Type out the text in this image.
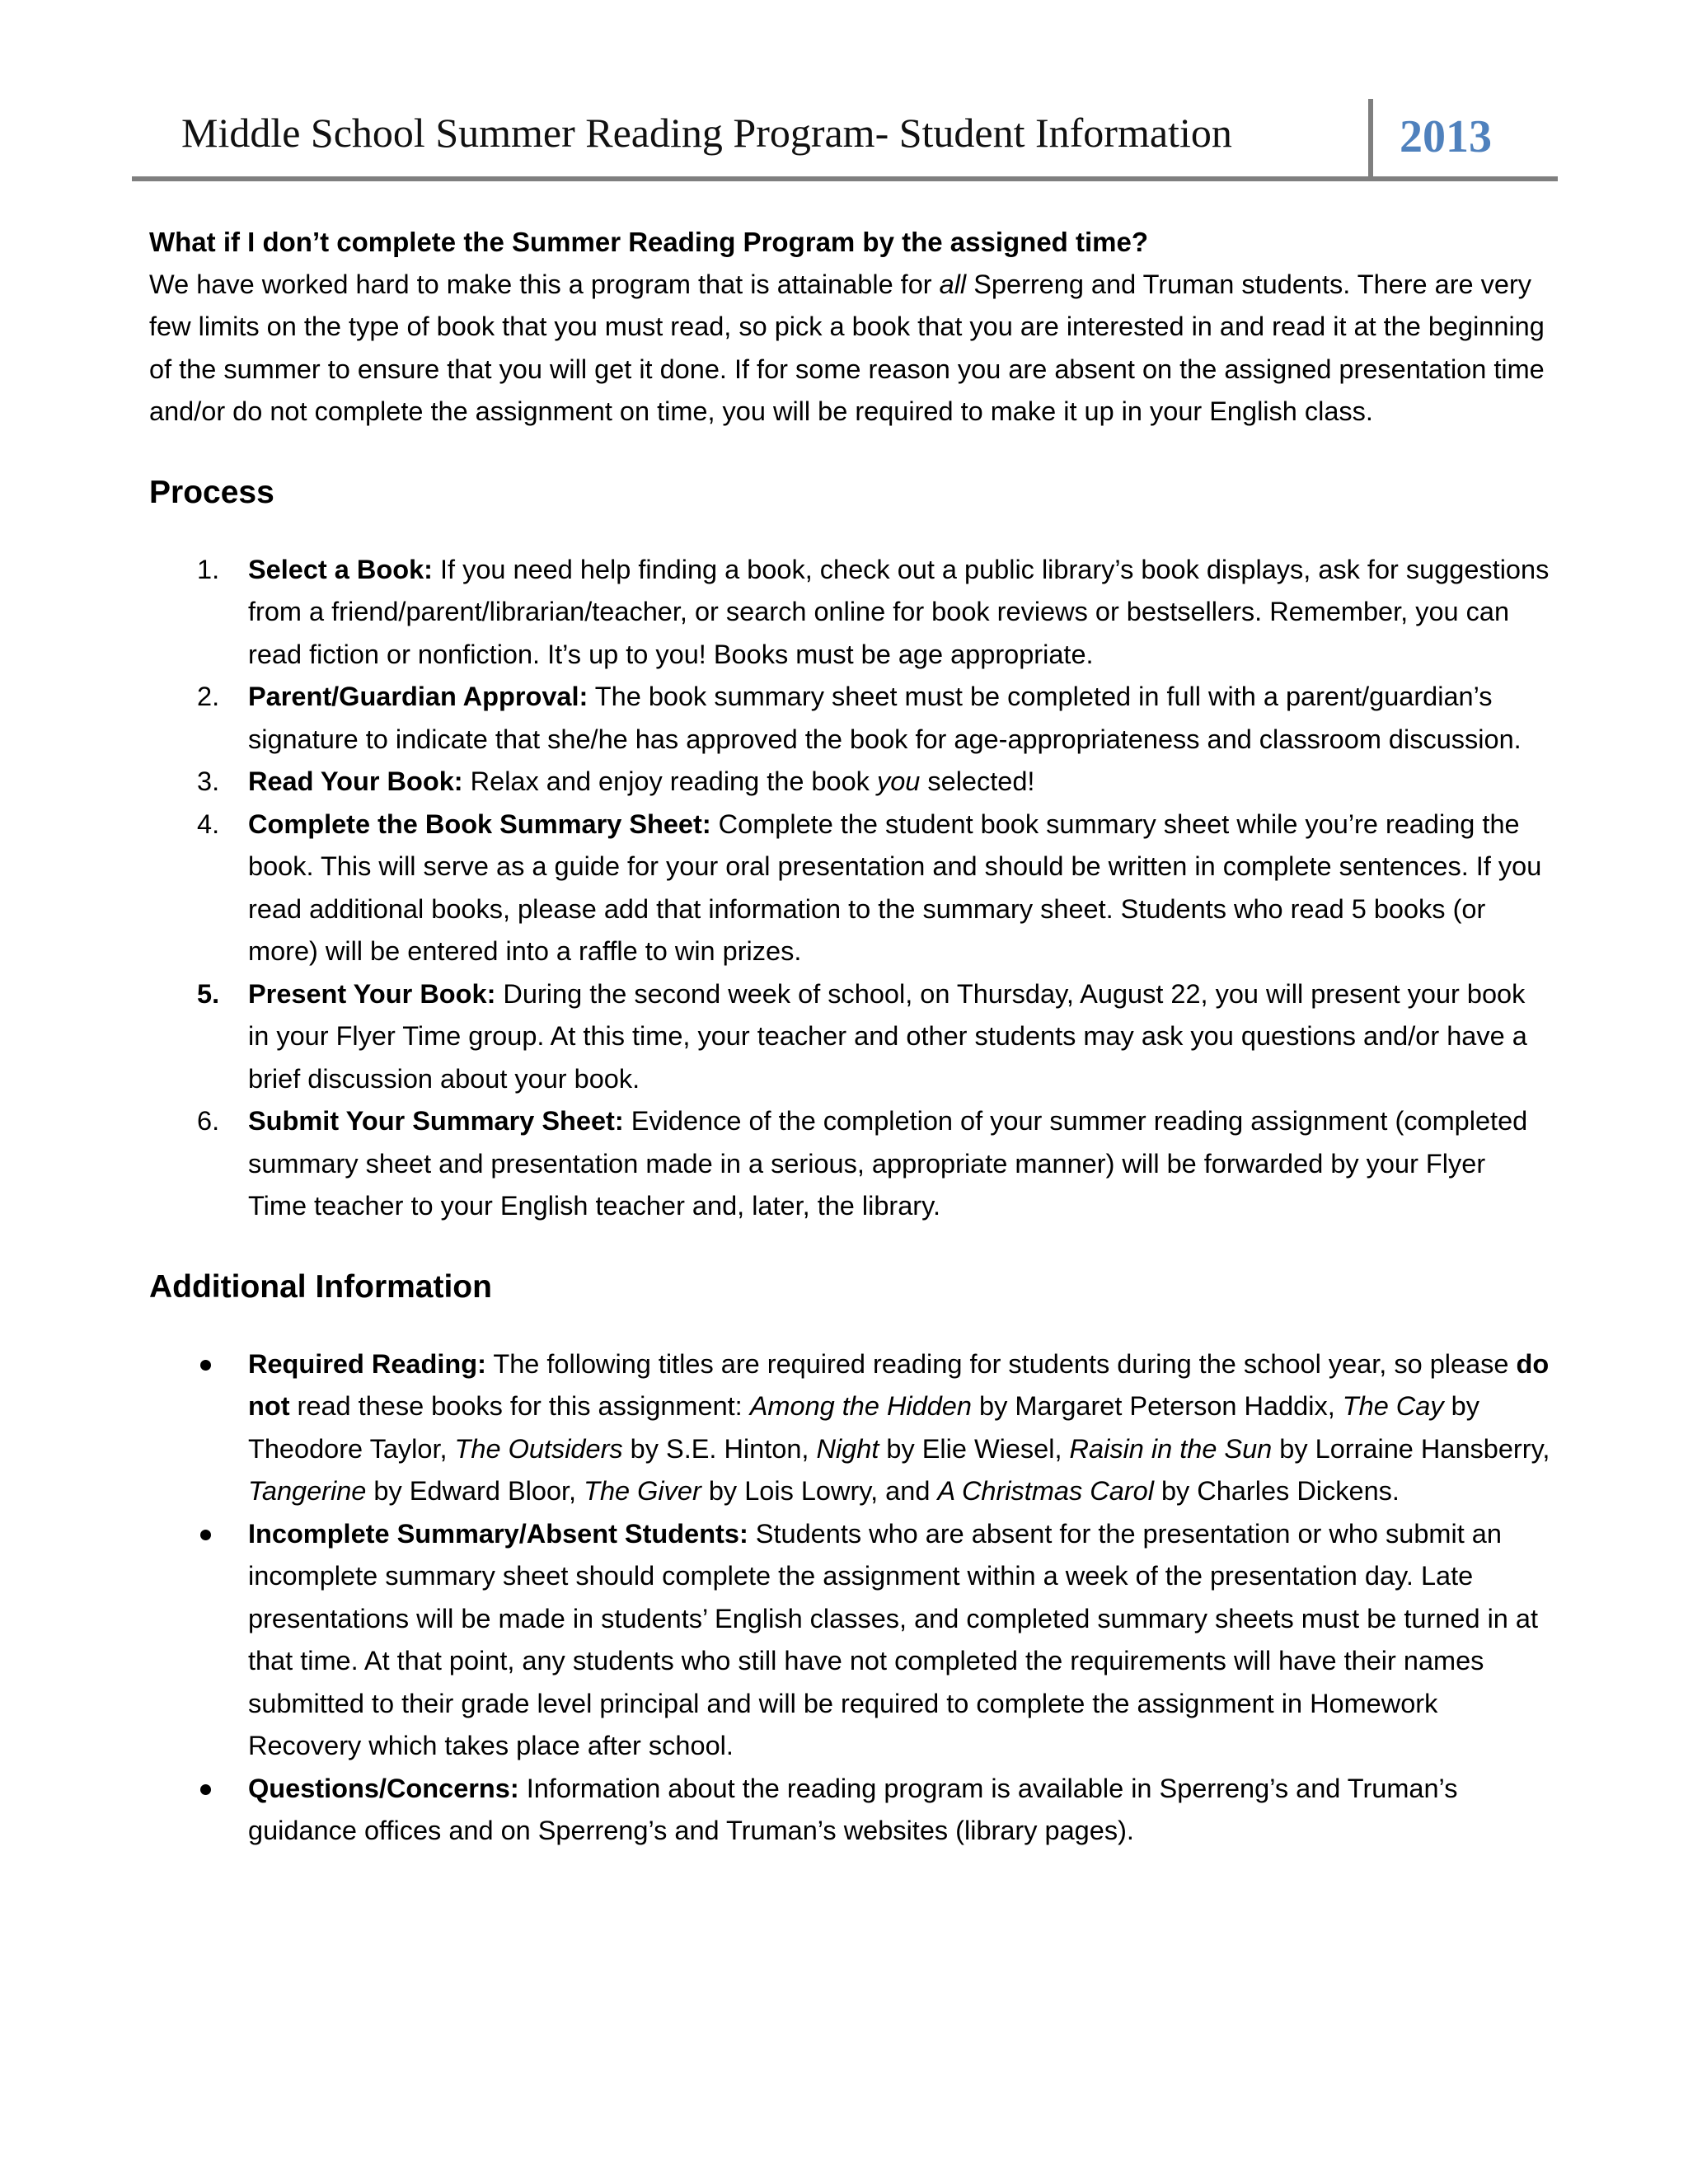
Middle School Summer Reading Program- Student Information	2013

What if I don’t complete the Summer Reading Program by the assigned time?

We have worked hard to make this a program that is attainable for all Sperreng and Truman students. There are very few limits on the type of book that you must read, so pick a book that you are interested in and read it at the beginning of the summer to ensure that you will get it done. If for some reason you are absent on the assigned presentation time and/or do not complete the assignment on time, you will be required to make it up in your English class.

Process
1.	Select a Book: If you need help finding a book, check out a public library’s book displays, ask for suggestions from a friend/parent/librarian/teacher, or search online for book reviews or bestsellers. Remember, you can read fiction or nonfiction. It’s up to you! Books must be age appropriate.
2.	Parent/Guardian Approval: The book summary sheet must be completed in full with a parent/guardian’s signature to indicate that she/he has approved the book for age-appropriateness and classroom discussion.
3.	Read Your Book: Relax and enjoy reading the book you selected!
4.	Complete the Book Summary Sheet: Complete the student book summary sheet while you’re reading the book. This will serve as a guide for your oral presentation and should be written in complete sentences. If you read additional books, please add that information to the summary sheet. Students who read 5 books (or more) will be entered into a raffle to win prizes.
5.	Present Your Book: During the second week of school, on Thursday, August 22, you will present your book in your Flyer Time group. At this time, your teacher and other students may ask you questions and/or have a brief discussion about your book.
6.	Submit Your Summary Sheet: Evidence of the completion of your summer reading assignment (completed summary sheet and presentation made in a serious, appropriate manner) will be forwarded by your Flyer Time teacher to your English teacher and, later, the library.
Additional Information
Required Reading: The following titles are required reading for students during the school year, so please do not read these books for this assignment: Among the Hidden by Margaret Peterson Haddix, The Cay by Theodore Taylor, The Outsiders by S.E. Hinton, Night by Elie Wiesel, Raisin in the Sun by Lorraine Hansberry, Tangerine by Edward Bloor, The Giver by Lois Lowry, and A Christmas Carol by Charles Dickens.
Incomplete Summary/Absent Students: Students who are absent for the presentation or who submit an incomplete summary sheet should complete the assignment within a week of the presentation day. Late presentations will be made in students’ English classes, and completed summary sheets must be turned in at that time. At that point, any students who still have not completed the requirements will have their names submitted to their grade level principal and will be required to complete the assignment in Homework Recovery which takes place after school.
Questions/Concerns: Information about the reading program is available in Sperreng’s and Truman’s guidance offices and on Sperreng’s and Truman’s websites (library pages).
